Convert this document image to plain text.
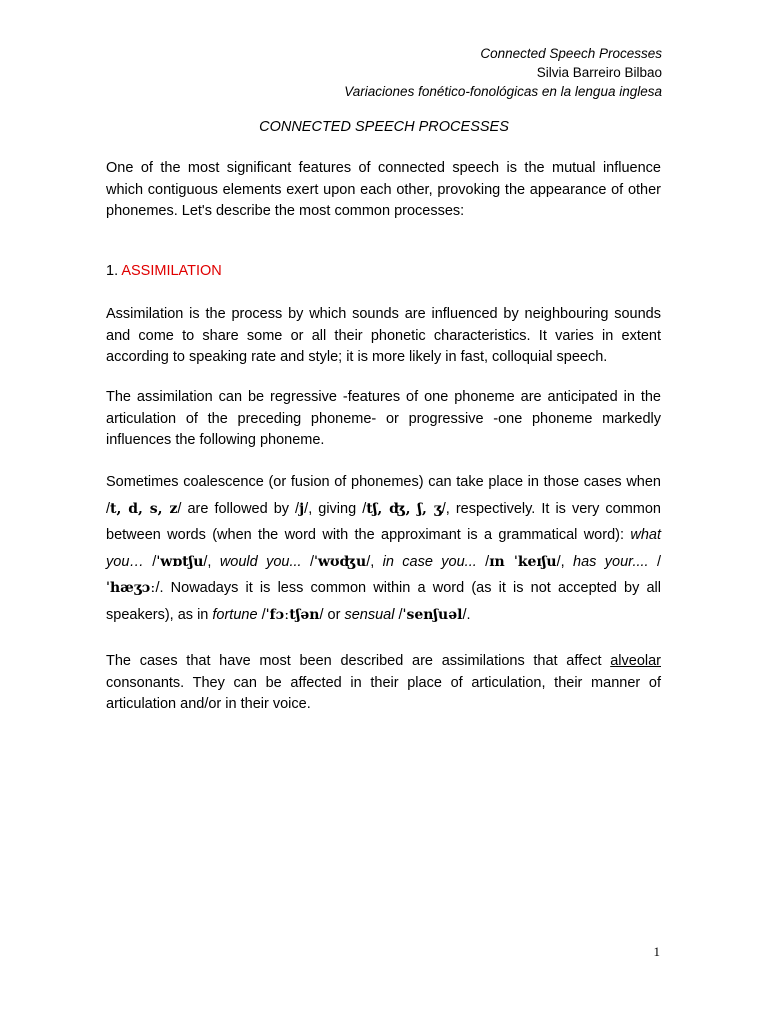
Connected Speech Processes
Silvia Barreiro Bilbao
Variaciones fonético-fonológicas en la lengua inglesa
CONNECTED SPEECH PROCESSES
One of the most significant features of connected speech is the mutual influence which contiguous elements exert upon each other, provoking the appearance of other phonemes. Let's describe the most common processes:
1. ASSIMILATION
Assimilation is the process by which sounds are influenced by neighbouring sounds and come to share some or all their phonetic characteristics. It varies in extent according to speaking rate and style; it is more likely in fast, colloquial speech.
The assimilation can be regressive -features of one phoneme are anticipated in the articulation of the preceding phoneme- or progressive -one phoneme markedly influences the following phoneme.
Sometimes coalescence (or fusion of phonemes) can take place in those cases when /t, d, s, z/ are followed by /j/, giving /tʃ, ʤ, ʃ, ʒ/, respectively. It is very common between words (when the word with the approximant is a grammatical word): what you… /ˈwɒtʃu/, would you... /ˈwʊʤu/, in case you... /ɪn ˈkeɪʃu/, has your.... /ˈhæʒɔː/. Nowadays it is less common within a word (as it is not accepted by all speakers), as in fortune /ˈfɔːtʃən/ or sensual /ˈsenʃuəl/.
The cases that have most been described are assimilations that affect alveolar consonants. They can be affected in their place of articulation, their manner of articulation and/or in their voice.
1
